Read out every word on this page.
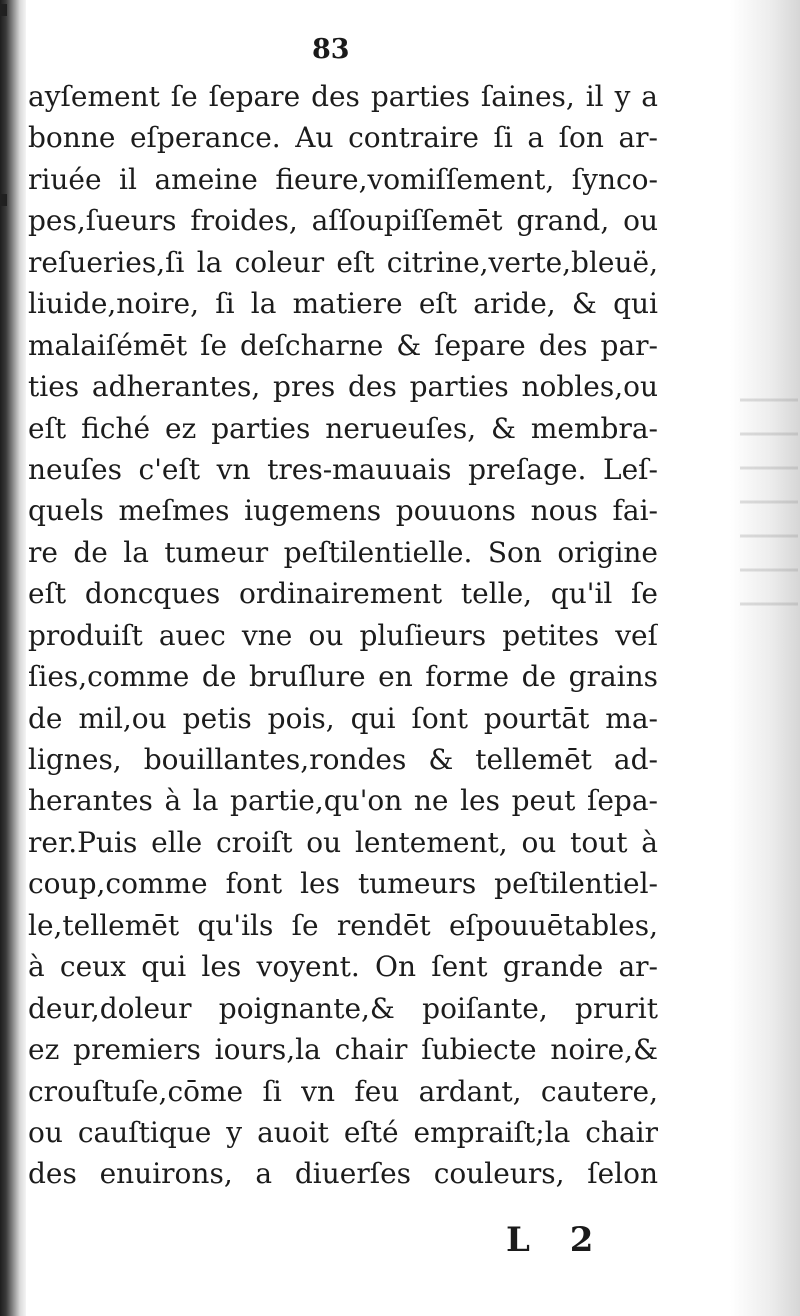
83
ayſement ſe ſepare des parties ſaines, il y a
bonne eſperance. Au contraire ſi a ſon ar-
riuée il ameine fieure,vomiſſement, ſynco-
pes,ſueurs froides, aſſoupiſſemēt grand, ou
reſueries,ſi la coleur eſt citrine,verte,bleuë,
liuide,noire, ſi la matiere eſt aride, & qui
malaiſémēt ſe deſcharne & ſepare des par-
ties adherantes, pres des parties nobles,ou
eſt fiché ez parties nerueuſes, & membra-
neuſes c'eſt vn tres-mauuais preſage. Leſ-
quels meſmes iugemens pouuons nous fai-
re de la tumeur peſtilentielle. Son origine
eſt doncques ordinairement telle, qu'il ſe
produiſt auec vne ou pluſieurs petites veſ
ſies,comme de bruſlure en forme de grains
de mil,ou petis pois, qui ſont pourtāt ma-
lignes, bouillantes,rondes & tellemēt ad-
herantes à la partie,qu'on ne les peut ſepa-
rer.Puis elle croiſt ou lentement, ou tout à
coup,comme font les tumeurs peſtilentiel-
le,tellemēt qu'ils ſe rendēt eſpouuētables,
à ceux qui les voyent. On ſent grande ar-
deur,doleur poignante,& poiſante, prurit
ez premiers iours,la chair ſubiecte noire,&
crouſtuſe,cōme ſi vn feu ardant, cautere,
ou cauſtique y auoit eſté empraiſt;la chair
des enuirons, a diuerſes couleurs, ſelon
L 2
